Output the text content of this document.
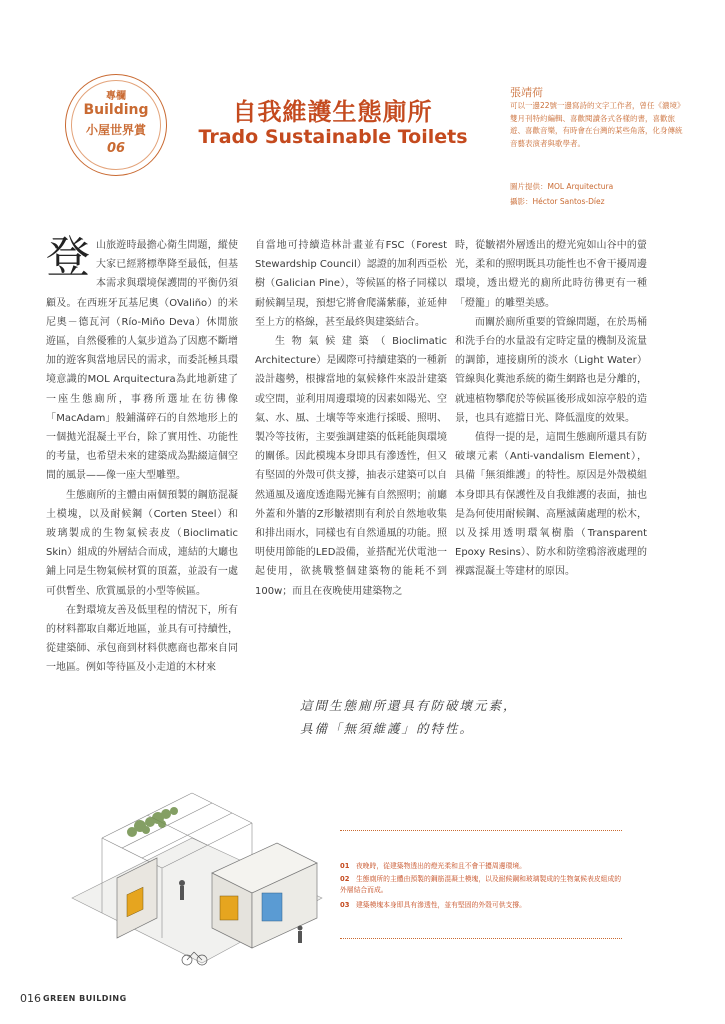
專欄
Building
小屋世界賞
06
自我維護生態廁所
Trado Sustainable Toilets
張靖荷
可以一邊22號一邊寫詩的文字工作者，曾任《濃境》雙月刊特約編輯、喜歡閱讀各式各樣的書，喜歡旅遊、喜歡音樂，有時會在台灣的某些角落，化身傳統音藝表演者與歌學者。
圖片提供：MOL Arquitectura
攝影：Héctor Santos-Díez

登山旅遊時最擔心衛生問題，縱使大家已經將標準降至最低，但基本需求與環境保護間的平衡仍須顧及。在西班牙瓦基尼奧（OValiño）的米尼奧－德瓦河（Río-Miño Deva）休閒旅遊區，自然優雅的人氣步道為了因應不斷增加的遊客與當地居民的需求，而委託極具環境意識的MOL Arquitectura為此地新建了一座生態廁所，事務所選址在彷彿像「MacAdam」般鋪滿碎石的自然地形上的一個拋光混凝土平台，除了實用性、功能性的考量，也希望未來的建築成為點綴這個空間的風景——像一座大型雕塑。

生態廁所的主體由兩個預製的鋼筋混凝土模塊，以及耐候鋼（Corten Steel）和玻璃製成的生物氣候表皮（Bioclimatic Skin）組成的外層結合而成，連結的大廳也鋪上同是生物氣候材質的頂蓋，並設有一處可供暫坐、欣賞風景的小型等候區。

在對環境友善及低里程的情況下，所有的材料都取自鄰近地區，並具有可持續性，從建築師、承包商到材料供應商也都來自同一地區。例如等待區及小走道的木材來

自當地可持續造林計畫並有FSC（Forest Stewardship Council）認證的加利西亞松樹（Galician Pine），等候區的格子同樣以耐候鋼呈現，預想它將會爬滿紫藤，並延伸至上方的格線，甚至最終與建築結合。

生物氣候建築（Bioclimatic Architecture）是國際可持續建築的一種新設計趨勢，根據當地的氣候條件來設計建築或空間，並利用周邊環境的因素如陽光、空氣、水、風、土壤等等來進行採暖、照明、製冷等技術，主要強調建築的低耗能與環境的關係。因此模塊本身即具有滲透性，但又有堅固的外殼可供支撐，抽表示建築可以自然通風及適度透進陽光擁有自然照明；前廳外蓋和外牆的Z形皺褶則有利於自然地收集和排出雨水，同樣也有自然通風的功能。照明使用節能的LED設備，並搭配光伏電池一起使用，欲挑戰整個建築物的能耗不到100w；而且在夜晚使用建築物之

時，從皺褶外層透出的燈光宛如山谷中的螢光，柔和的照明既具功能性也不會干擾周邊環境，透出燈光的廁所此時彷彿更有一種「燈籠」的雕塑美感。

而關於廁所重要的管線問題，在於馬桶和洗手台的水量設有定時定量的機制及流量的調節，連接廁所的淡水（Light Water）管線與化糞池系統的衛生網路也是分離的，就連植物攀爬於等候區後形成如涼亭般的造景，也具有遮擋日光、降低溫度的效果。

值得一提的是，這間生態廁所還具有防破壞元素（Anti-vandalism Element），具備「無須維護」的特性。原因是外殼模組本身即具有保護性及自我維護的表面，抽也是為何使用耐候鋼、高壓滅菌處理的松木，以及採用透明環氧樹脂（Transparent Epoxy Resins）、防水和防塗鴉溶液處理的裸露混凝土等建材的原因。

這間生態廁所還具有防破壞元素，
具備「無須維護」的特性。
01 夜晚時，從建築物透出的燈光柔和且不會干擾周邊環境。
02 生態廁所的主體由預製的鋼筋混凝土模塊，以及耐候鋼和玻璃製成的生物氣候表皮組成的外層結合而成。
03 建築模塊本身即具有滲透性，並有堅固的外殼可供支撐。
016 GREEN BUILDING
